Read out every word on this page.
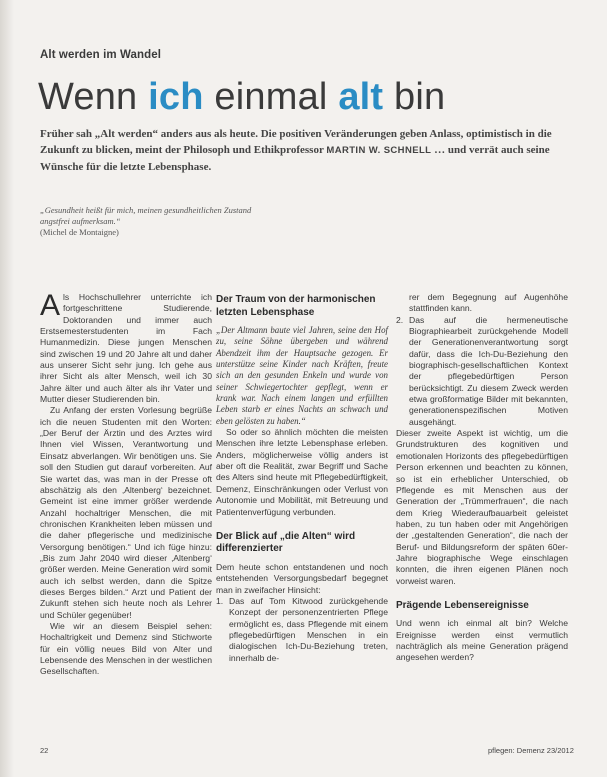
Alt werden im Wandel
Wenn ich einmal alt bin
Früher sah „Alt werden“ anders aus als heute. Die positiven Veränderungen geben Anlass, optimistisch in die Zukunft zu blicken, meint der Philosoph und Ethikprofessor MARTIN W. SCHNELL … und verrät auch seine Wünsche für die letzte Lebensphase.
„Gesundheit heißt für mich, meinen gesundheitlichen Zustand angstfrei aufmerksam.“
(Michel de Montaigne)

Als Hochschullehrer unterrichte ich fortgeschrittene Studierende, Doktoranden und immer auch Erstsemesterstudenten im Fach Humanmedizin. Diese jungen Menschen sind zwischen 19 und 20 Jahre alt und daher aus unserer Sicht sehr jung. Ich gehe aus ihrer Sicht als alter Mensch, weil ich 30 Jahre älter und auch älter als ihr Vater und Mutter dieser Studierenden bin.

Zu Anfang der ersten Vorlesung begrüße ich die neuen Studenten mit den Worten: „Der Beruf der Ärztin und des Arztes wird Ihnen viel Wissen, Verantwortung und Einsatz abverlangen. Wir benötigen uns. Sie soll den Studien gut darauf vorbereiten. Auf Sie wartet das, was man in der Presse oft abschätzig als den ‚Altenberg‘ bezeichnet. Gemeint ist eine immer größer werdende Anzahl hochaltriger Menschen, die mit chronischen Krankheiten leben müssen und die daher pflegerische und medizinische Versorgung benötigen.“ Und ich füge hinzu: „Bis zum Jahr 2040 wird dieser ‚Altenberg‘ größer werden. Meine Generation wird somit auch ich selbst werden, dann die Spitze dieses Berges bilden.“ Arzt und Patient der Zukunft stehen sich heute noch als Lehrer und Schüler gegenüber!

Wie wir an diesem Beispiel sehen: Hochaltrigkeit und Demenz sind Stichworte für ein völlig neues Bild von Alter und Lebensende des Menschen in der westlichen Gesellschaften.

Der Traum von der harmonischen letzten Lebensphase

„Der Altmann baute viel Jahren, seine den Hof zu, seine Söhne übergeben und während Abendzeit ihm der Hauptsache gezogen. Er unterstütze seine Kinder nach Kräften, freute sich an den gesunden Enkeln und wurde von seiner Schwiegertochter gepflegt, wenn er krank war. Nach einem langen und erfüllten Leben starb er eines Nachts an schwach und eben gelösten zu haben.“

So oder so ähnlich möchten die meisten Menschen ihre letzte Lebensphase erleben. Anders, möglicherweise völlig anders ist aber oft die Realität, zwar Begriff und Sache des Alters sind heute mit Pflegebedürftigkeit, Demenz, Einschränkungen oder Verlust von Autonomie und Mobilität, mit Betreuung und Patientenverfügung verbunden.

Der Blick auf „die Alten“ wird differenzierter

Dem heute schon entstandenen und noch entstehenden Versorgungsbedarf begegnet man in zweifacher Hinsicht:

1. Das auf Tom Kitwood zurückgehende Konzept der personenzentrierten Pflege ermöglicht es, dass Pflegende mit einem pflegebedürftigen Menschen in ein dialogischen Ich-Du-Beziehung treten, innerhalb de-
rer dem Begegnung auf Augenhöhe stattfinden kann.
2. Das auf die hermeneutische Biographiearbeit zurückgehende Modell der Generationenverantwortung sorgt dafür, dass die Ich-Du-Beziehung den biographisch-gesellschaftlichen Kontext der pflegebedürftigen Person berücksichtigt. Zu diesem Zweck werden etwa großformatige Bilder mit bekannten, generationenspezifischen Motiven ausgehängt.

Dieser zweite Aspekt ist wichtig, um die Grundstrukturen des kognitiven und emotionalen Horizonts des pflegebedürftigen Person erkennen und beachten zu können, so ist ein erheblicher Unterschied, ob Pflegende es mit Menschen aus der Generation der „Trümmerfrauen“, die nach dem Krieg Wiederaufbauarbeit geleistet haben, zu tun haben oder mit Angehörigen der „gestaltenden Generation“, die nach der Beruf- und Bildungsreform der späten 60er-Jahre biographische Wege einschlagen konnten, die ihren eigenen Plänen noch vorweist waren.

Prägende Lebensereignisse

Und wenn ich einmal alt bin? Welche Ereignisse werden einst vermutlich nachträglich als meine Generation prägend angesehen werden?

22	pflegen: Demenz 23/2012
